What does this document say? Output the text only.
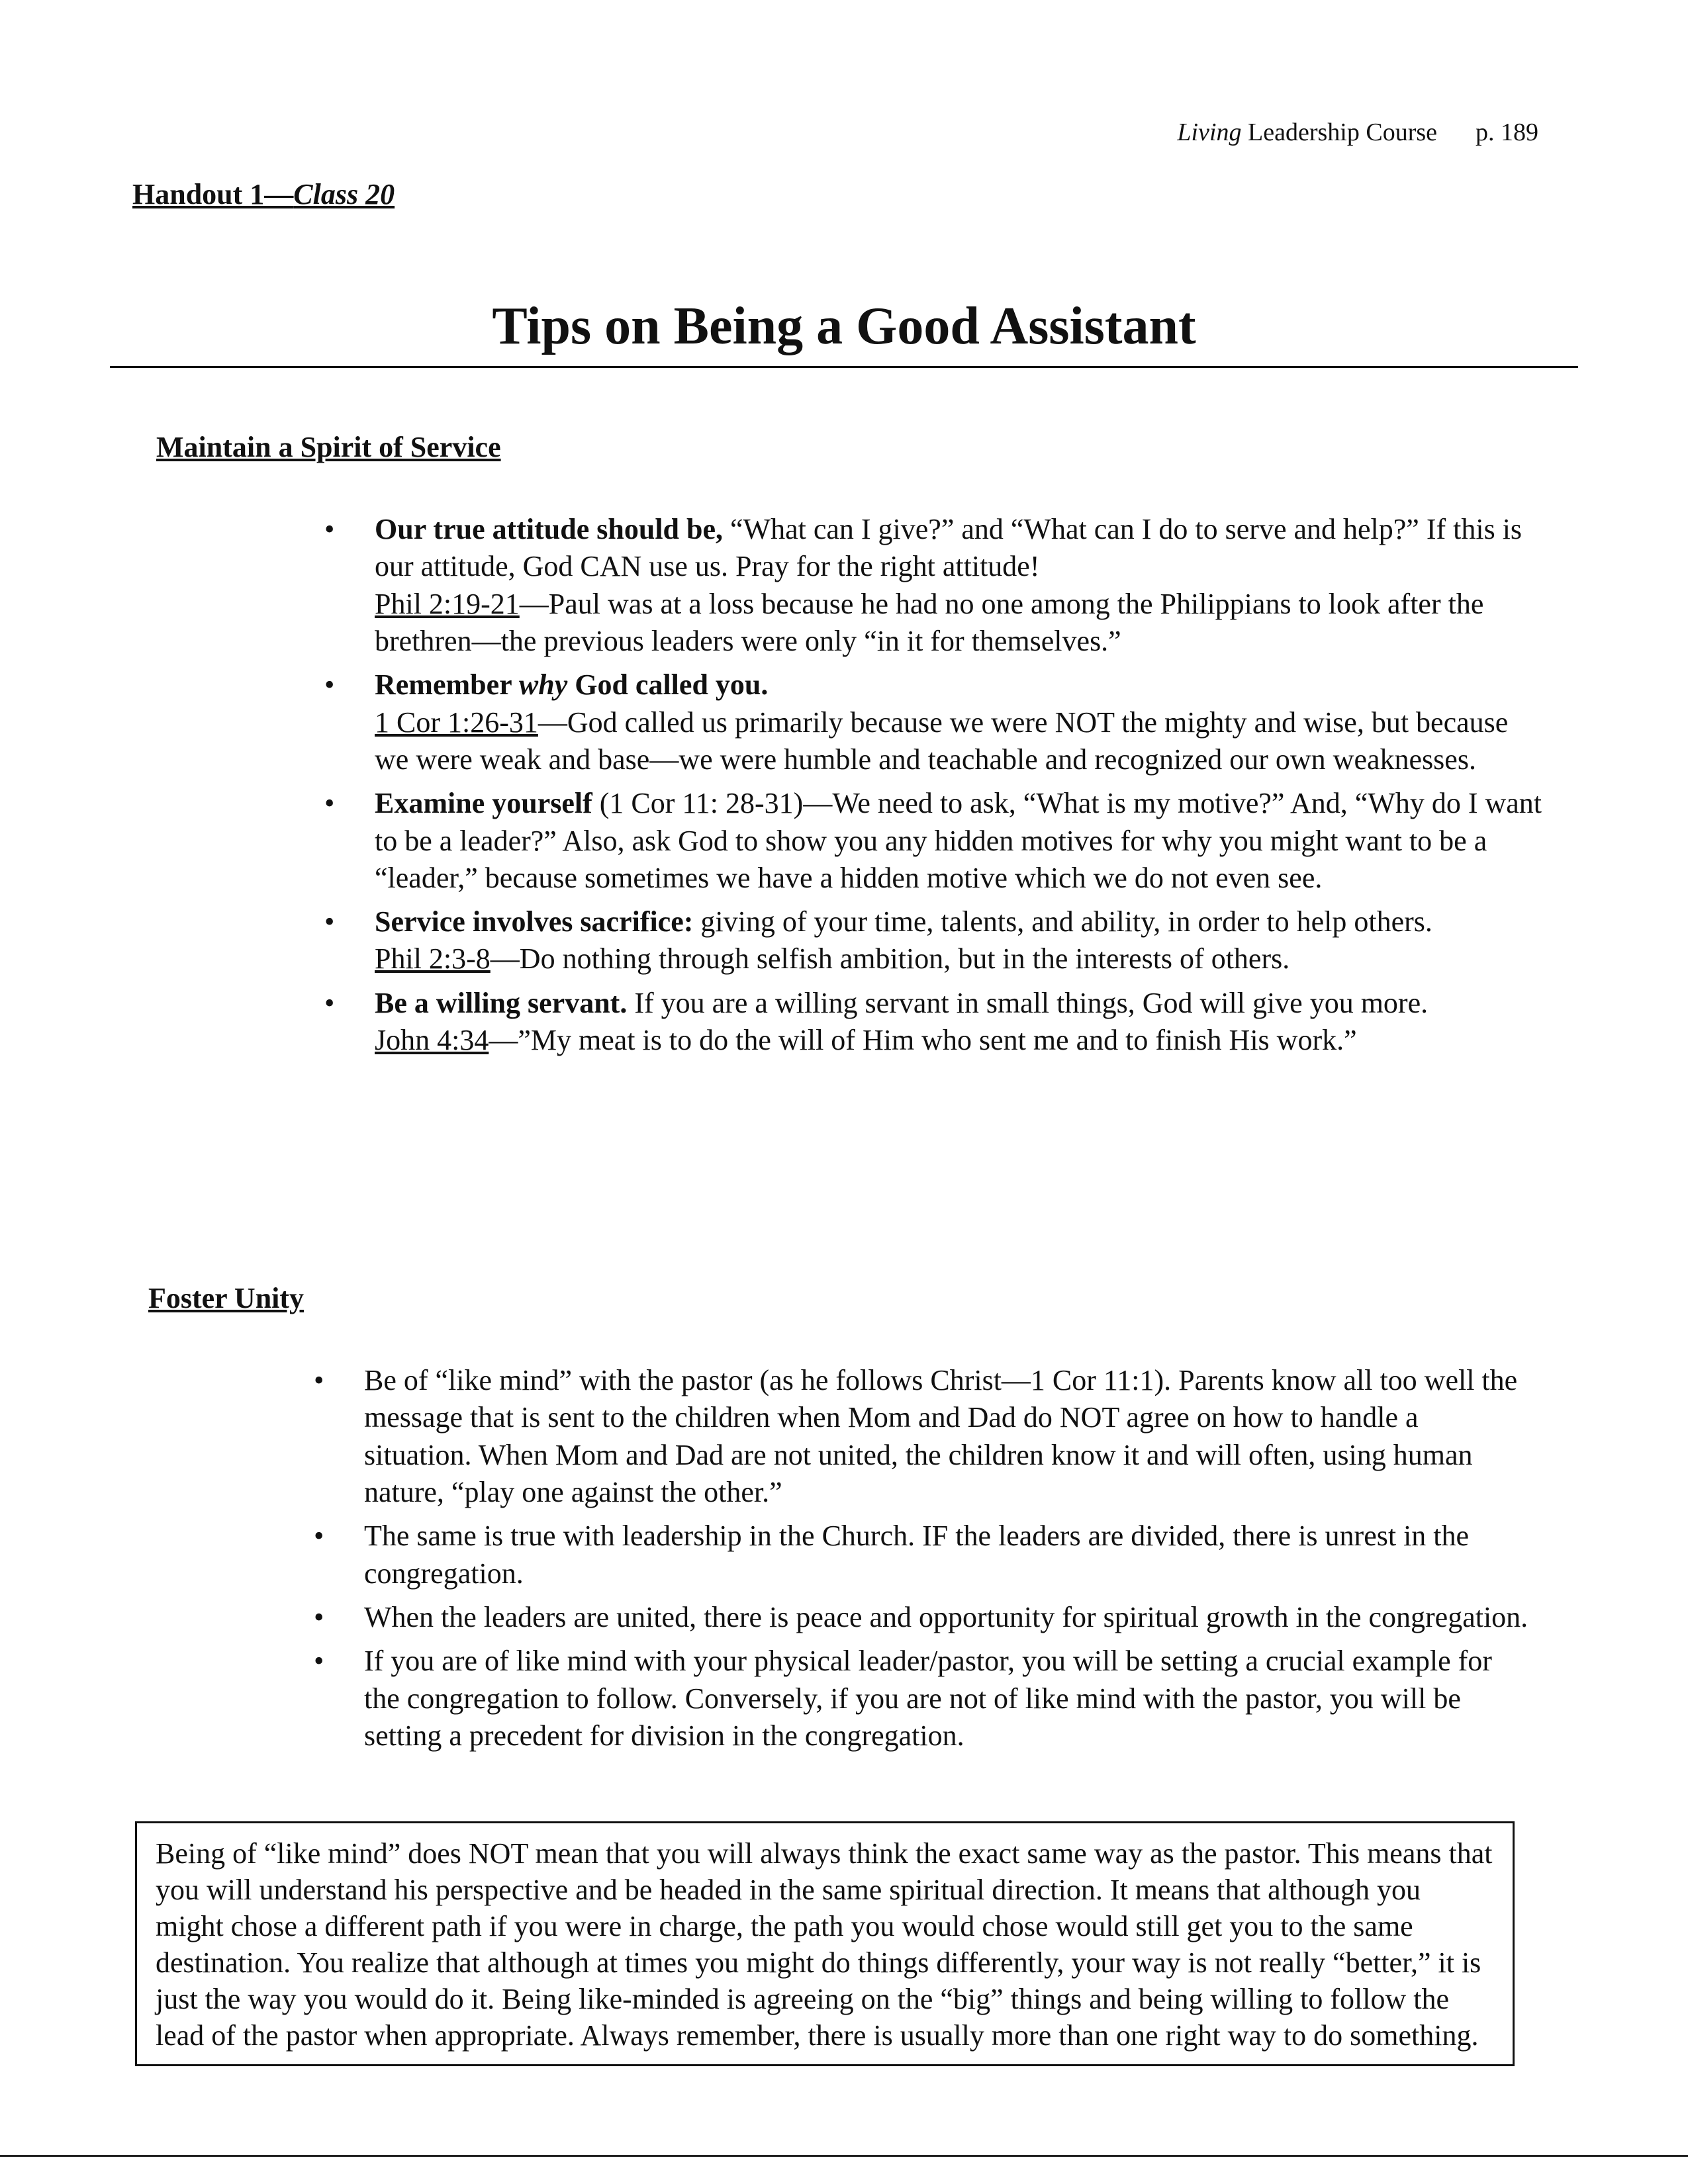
Living Leadership Course p. 189
Handout 1—Class 20
Tips on Being a Good Assistant
Maintain a Spirit of Service
• Our true attitude should be, “What can I give?” and “What can I do to serve and help?” If this is our attitude, God CAN use us. Pray for the right attitude!
Phil 2:19-21—Paul was at a loss because he had no one among the Philippians to look after the brethren—the previous leaders were only “in it for themselves.”
• Remember why God called you.
1 Cor 1:26-31—God called us primarily because we were NOT the mighty and wise, but because we were weak and base—we were humble and teachable and recognized our own weaknesses.
• Examine yourself (1 Cor 11: 28-31)—We need to ask, “What is my motive?” And, “Why do I want to be a leader?” Also, ask God to show you any hidden motives for why you might want to be a “leader,” because sometimes we have a hidden motive which we do not even see.
• Service involves sacrifice: giving of your time, talents, and ability, in order to help others.
Phil 2:3-8—Do nothing through selfish ambition, but in the interests of others.
• Be a willing servant. If you are a willing servant in small things, God will give you more.
John 4:34—”My meat is to do the will of Him who sent me and to finish His work.”
Foster Unity
• Be of “like mind” with the pastor (as he follows Christ—1 Cor 11:1). Parents know all too well the message that is sent to the children when Mom and Dad do NOT agree on how to handle a situation. When Mom and Dad are not united, the children know it and will often, using human nature, “play one against the other.”
• The same is true with leadership in the Church. IF the leaders are divided, there is unrest in the congregation.
• When the leaders are united, there is peace and opportunity for spiritual growth in the congregation.
• If you are of like mind with your physical leader/pastor, you will be setting a crucial example for the congregation to follow. Conversely, if you are not of like mind with the pastor, you will be setting a precedent for division in the congregation.
Being of “like mind” does NOT mean that you will always think the exact same way as the pastor. This means that you will understand his perspective and be headed in the same spiritual direction. It means that although you might chose a different path if you were in charge, the path you would chose would still get you to the same destination. You realize that although at times you might do things differently, your way is not really “better,” it is just the way you would do it. Being like-minded is agreeing on the “big” things and being willing to follow the lead of the pastor when appropriate. Always remember, there is usually more than one right way to do something.
